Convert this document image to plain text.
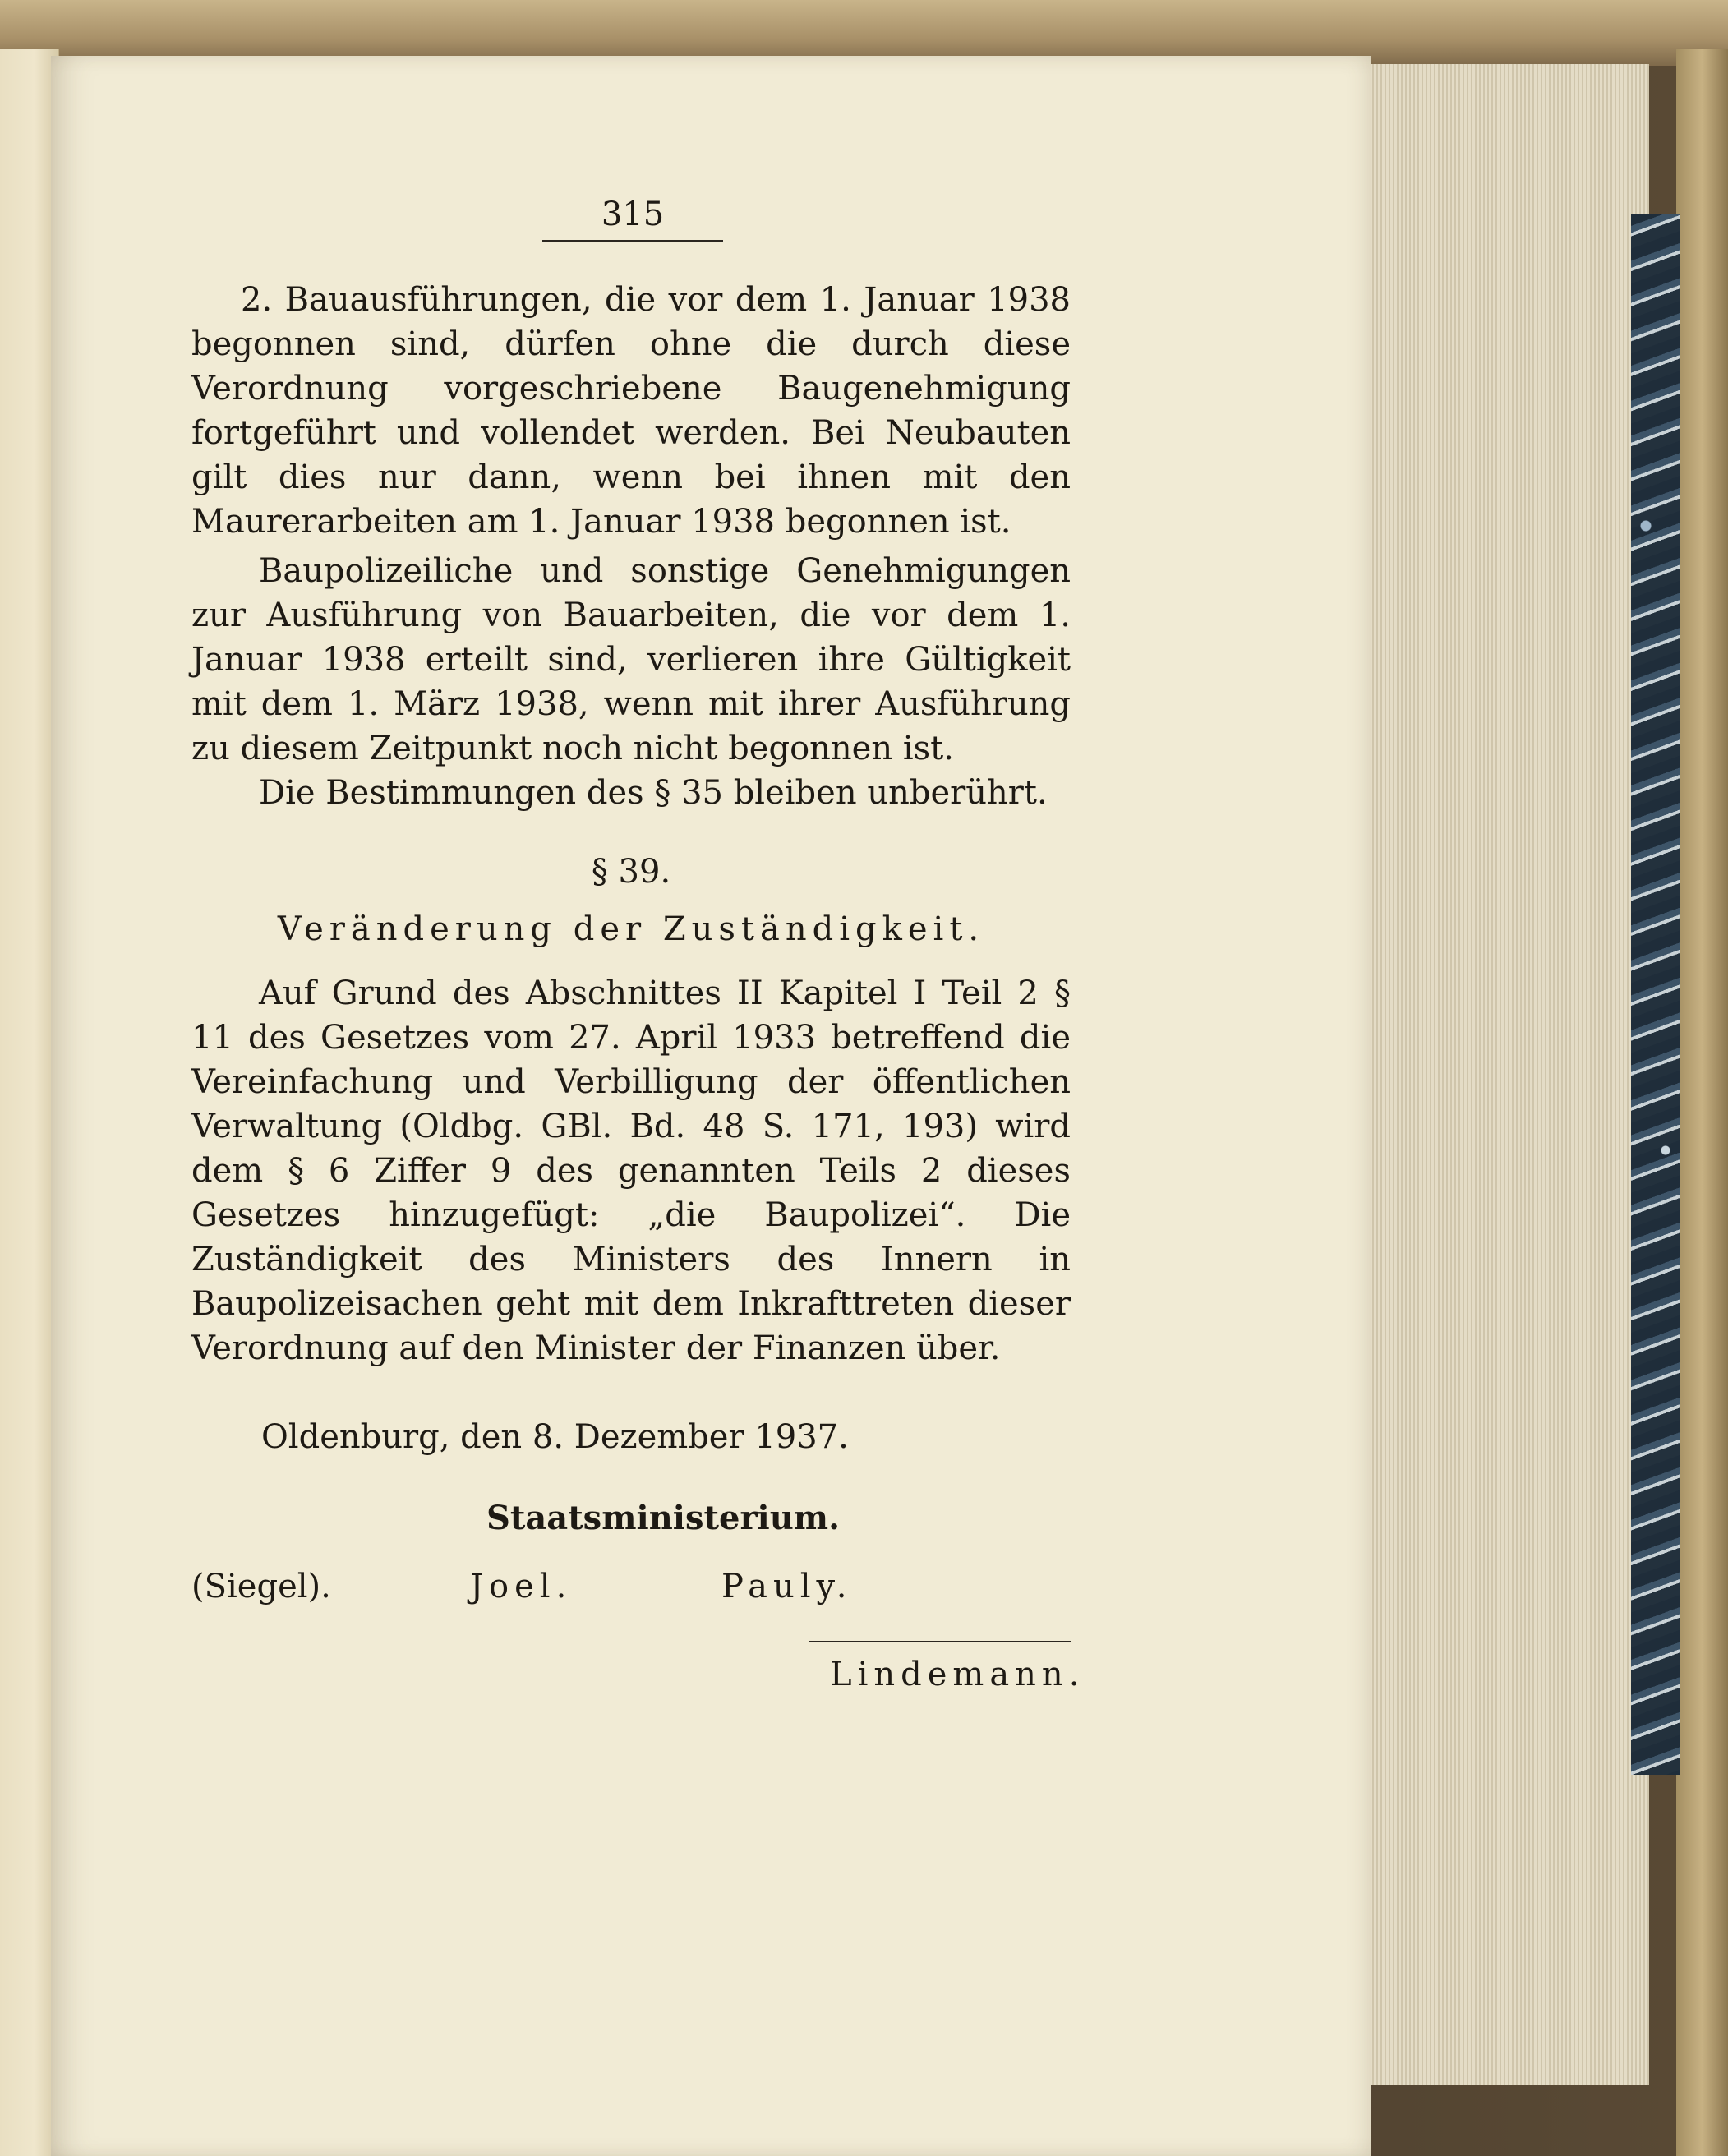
315
2. Bauausführungen, die vor dem 1. Januar 1938 begonnen sind, dürfen ohne die durch diese Verordnung vorgeschriebene Baugenehmigung fortgeführt und vollendet werden. Bei Neubauten gilt dies nur dann, wenn bei ihnen mit den Maurerarbeiten am 1. Januar 1938 begonnen ist.
Baupolizeiliche und sonstige Genehmigungen zur Ausführung von Bauarbeiten, die vor dem 1. Januar 1938 erteilt sind, verlieren ihre Gültigkeit mit dem 1. März 1938, wenn mit ihrer Ausführung zu diesem Zeitpunkt noch nicht begonnen ist.
Die Bestimmungen des § 35 bleiben unberührt.
§ 39.
Veränderung der Zuständigkeit.
Auf Grund des Abschnittes II Kapitel I Teil 2 § 11 des Gesetzes vom 27. April 1933 betreffend die Vereinfachung und Verbilligung der öffentlichen Verwaltung (Oldbg. GBl. Bd. 48 S. 171, 193) wird dem § 6 Ziffer 9 des genannten Teils 2 dieses Gesetzes hinzugefügt: „die Baupolizei“. Die Zuständigkeit des Ministers des Innern in Baupolizeisachen geht mit dem Inkrafttreten dieser Verordnung auf den Minister der Finanzen über.
Oldenburg, den 8. Dezember 1937.
Staatsministerium.
(Siegel).	Joel.	Pauly.
Lindemann.
